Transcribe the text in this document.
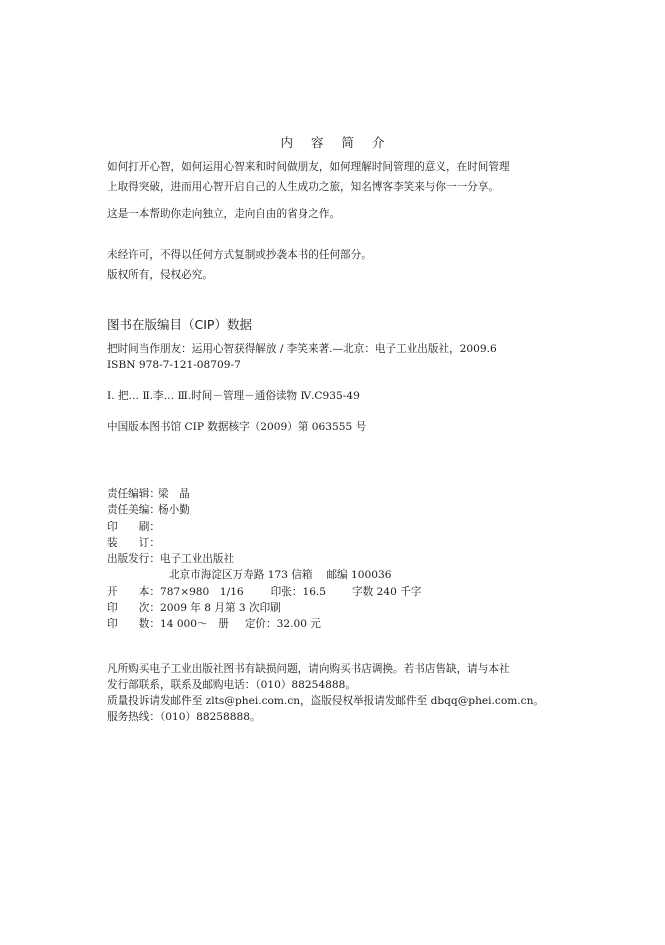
内 容 简 介
如何打开心智，如何运用心智来和时间做朋友，如何理解时间管理的意义，在时间管理
上取得突破，进而用心智开启自己的人生成功之旅，知名博客李笑来与你一一分享。
这是一本帮助你走向独立，走向自由的省身之作。
未经许可，不得以任何方式复制或抄袭本书的任何部分。
版权所有，侵权必究。
图书在版编目（CIP）数据
把时间当作朋友：运用心智获得解放 / 李笑来著.—北京：电子工业出版社，2009.6
ISBN 978-7-121-08709-7
Ⅰ. 把… Ⅱ.李… Ⅲ.时间－管理－通俗读物 Ⅳ.C935-49
中国版本图书馆 CIP 数据核字（2009）第 063555 号
责任编辑：梁　晶
责任美编：杨小勤
印　　刷：
装　　订：
出版发行：电子工业出版社
北京市海淀区万寿路 173 信箱　 邮编 100036
开　　本：787×980　1/16	印张：16.5 字数 240 千字
印　　次：2009 年 8 月第 3 次印刷
印　　数：14 000～　册 定价：32.00 元
凡所购买电子工业出版社图书有缺损问题，请向购买书店调换。若书店售缺，请与本社
发行部联系，联系及邮购电话：（010）88254888。
质量投诉请发邮件至 zlts@phei.com.cn，盗版侵权举报请发邮件至 dbqq@phei.com.cn。
服务热线：（010）88258888。
